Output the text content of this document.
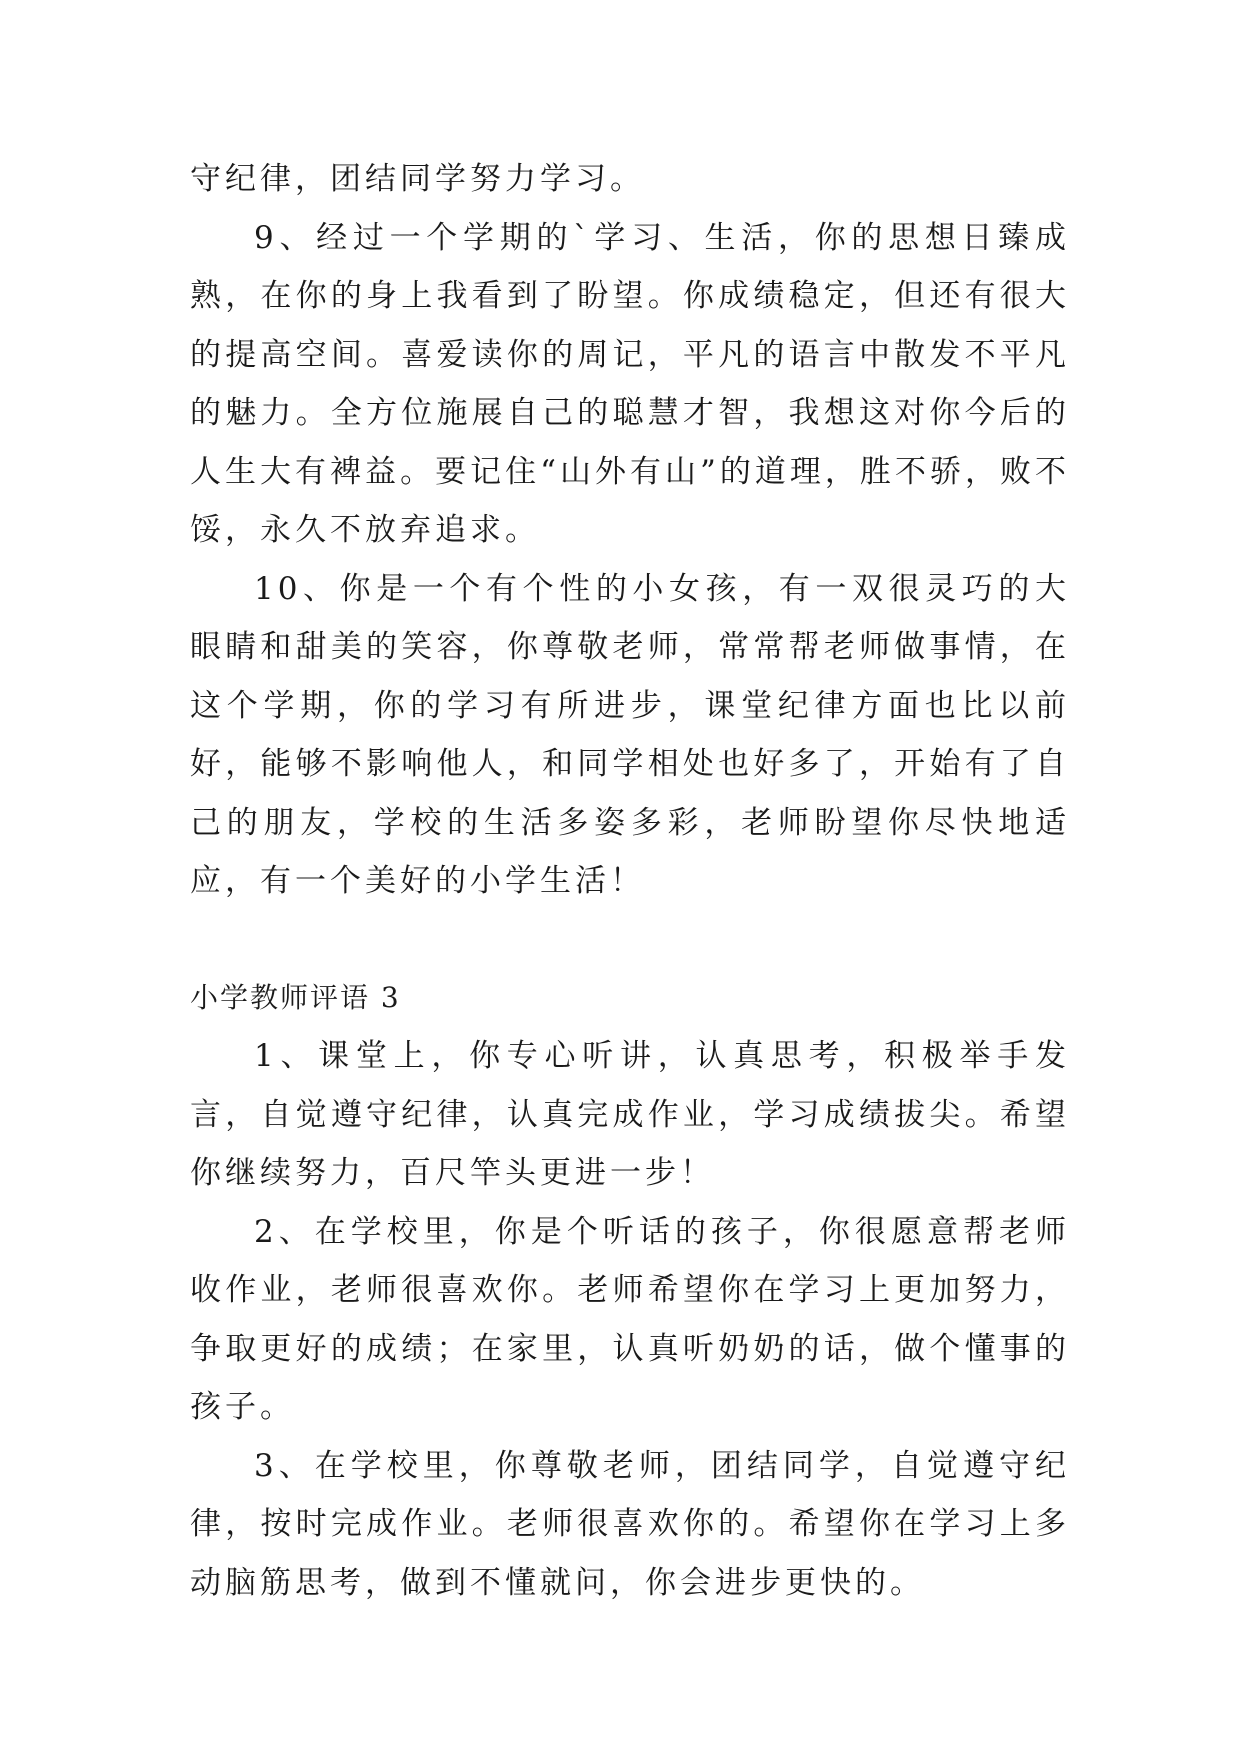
守纪律，团结同学努力学习。

9、经过一个学期的`学习、生活，你的思想日臻成熟，在你的身上我看到了盼望。你成绩稳定，但还有很大的提高空间。喜爱读你的周记，平凡的语言中散发不平凡的魅力。全方位施展自己的聪慧才智，我想这对你今后的人生大有裨益。要记住“山外有山”的道理，胜不骄，败不馁，永久不放弃追求。

10、你是一个有个性的小女孩，有一双很灵巧的大眼睛和甜美的笑容，你尊敬老师，常常帮老师做事情，在这个学期，你的学习有所进步，课堂纪律方面也比以前好，能够不影响他人，和同学相处也好多了，开始有了自己的朋友，学校的生活多姿多彩，老师盼望你尽快地适应，有一个美好的小学生活！

小学教师评语 3

1、课堂上，你专心听讲，认真思考，积极举手发言，自觉遵守纪律，认真完成作业，学习成绩拔尖。希望你继续努力，百尺竿头更进一步！

2、在学校里，你是个听话的孩子，你很愿意帮老师收作业，老师很喜欢你。老师希望你在学习上更加努力，争取更好的成绩；在家里，认真听奶奶的话，做个懂事的孩子。

3、在学校里，你尊敬老师，团结同学，自觉遵守纪律，按时完成作业。老师很喜欢你的。希望你在学习上多动脑筋思考，做到不懂就问，你会进步更快的。
